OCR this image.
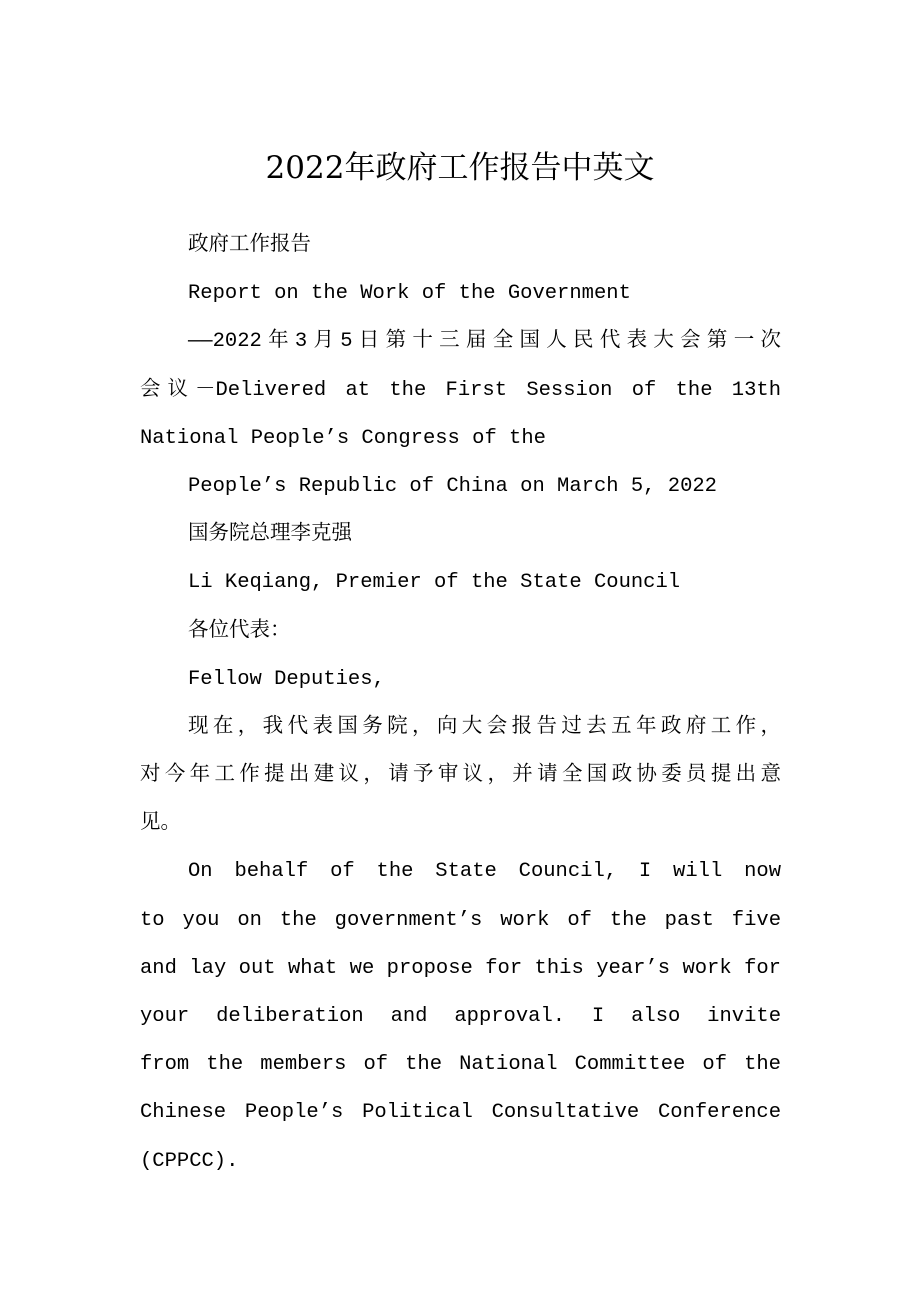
2022年政府工作报告中英文
政府工作报告
Report on the Work of the Government
——2022年3月5日第十三届全国人民代表大会第一次
会议－Delivered at the First Session of the 13th
National People’s Congress of the
People’s Republic of China on March 5, 2022
国务院总理李克强
Li Keqiang, Premier of the State Council
各位代表：
Fellow Deputies,
现在，我代表国务院，向大会报告过去五年政府工作，
对今年工作提出建议，请予审议，并请全国政协委员提出意
见。
On behalf of the State Council, I will now
to you on the government’s work of the past five
and lay out what we propose for this year’s work for
your deliberation and approval. I also invite
from the members of the National Committee of the
Chinese People’s Political Consultative Conference
(CPPCC).
